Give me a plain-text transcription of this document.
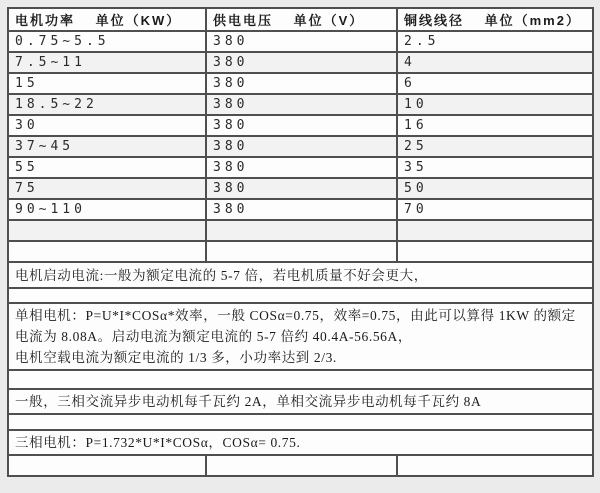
电机功率　 单位（KW）	供电电压　 单位（V）	铜线线径　 单位（mm2）
0.75~5.5	380	2.5
7.5~11	380	4
15	380	6
18.5~22	380	10
30	380	16
37~45	380	25
55	380	35
75	380	50
90~110	380	70

电机启动电流:一般为额定电流的 5-7 倍，若电机质量不好会更大，		

单相电机：P=U*I*COSα*效率，一般 COSα=0.75，效率=0.75，由此可以算得 1KW 的额定电流为 8.08A。启动电流为额定电流的 5-7 倍约 40.4A-56.56A，
电机空载电流为额定电流的 1/3 多，小功率达到 2/3.		

一般，三相交流异步电动机每千瓦约 2A，单相交流异步电动机每千瓦约 8A		

三相电机：P=1.732*U*I*COSα，COSα= 0.75.		
